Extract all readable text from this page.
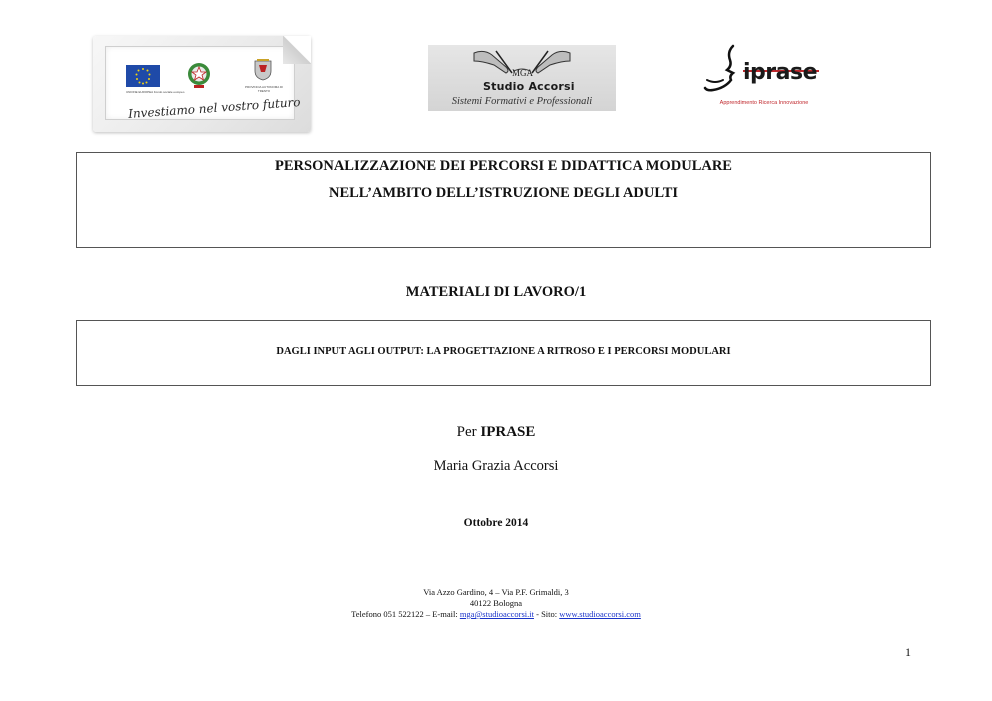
UNIONE EUROPEA Fondo sociale europeo
PROVINCIA AUTONOMA DI TRENTO
Investiamo nel vostro futuro
MGA
Studio Accorsi
Sistemi Formativi e Professionali
iprase
Apprendimento Ricerca Innovazione
PERSONALIZZAZIONE DEI PERCORSI E DIDATTICA MODULARE
NELL’AMBITO DELL’ISTRUZIONE DEGLI ADULTI
MATERIALI DI LAVORO/1
DAGLI INPUT AGLI OUTPUT: LA PROGETTAZIONE A RITROSO E I PERCORSI MODULARI
Per IPRASE
Maria Grazia Accorsi
Ottobre 2014
Via Azzo Gardino, 4 – Via P.F. Grimaldi, 3
40122 Bologna
Telefono 051 522122 – E-mail: mga@studioaccorsi.it - Sito: www.studioaccorsi.com
1
